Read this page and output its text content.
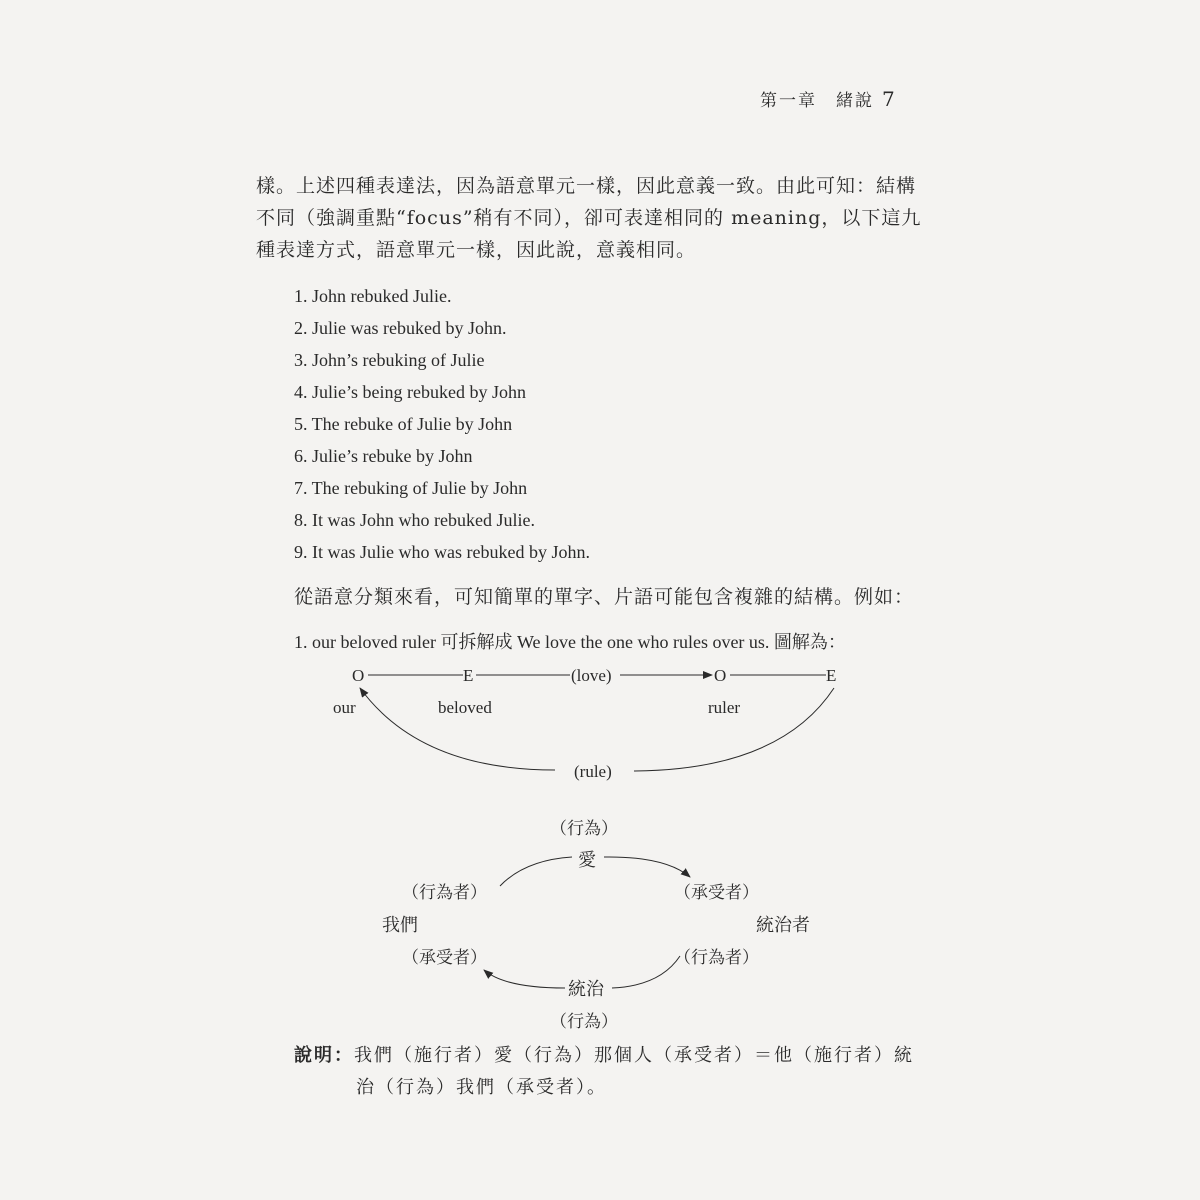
第一章　緒說 7

樣。上述四種表達法，因為語意單元一樣，因此意義一致。由此可知：結構

不同（強調重點“focus”稍有不同），卻可表達相同的 meaning，以下這九

種表達方式，語意單元一樣，因此說，意義相同。

1. John rebuked Julie.
2. Julie was rebuked by John.
3. John’s rebuking of Julie
4. Julie’s being rebuked by John
5. The rebuke of Julie by John
6. Julie’s rebuke by John
7. The rebuking of Julie by John
8. It was John who rebuked Julie.
9. It was Julie who was rebuked by John.
從語意分類來看，可知簡單的單字、片語可能包含複雜的結構。例如：
1. our beloved ruler 可拆解成 We love the one who rules over us. 圖解為：
O	E	(love)	O	E
our	beloved	ruler
(rule)
（行為）
愛
（行為者）	（承受者）
我們	統治者
（承受者）	（行為者）
統治
（行為）
說明：我們（施行者）愛（行為）那個人（承受者）＝他（施行者）統
治（行為）我們（承受者）。
